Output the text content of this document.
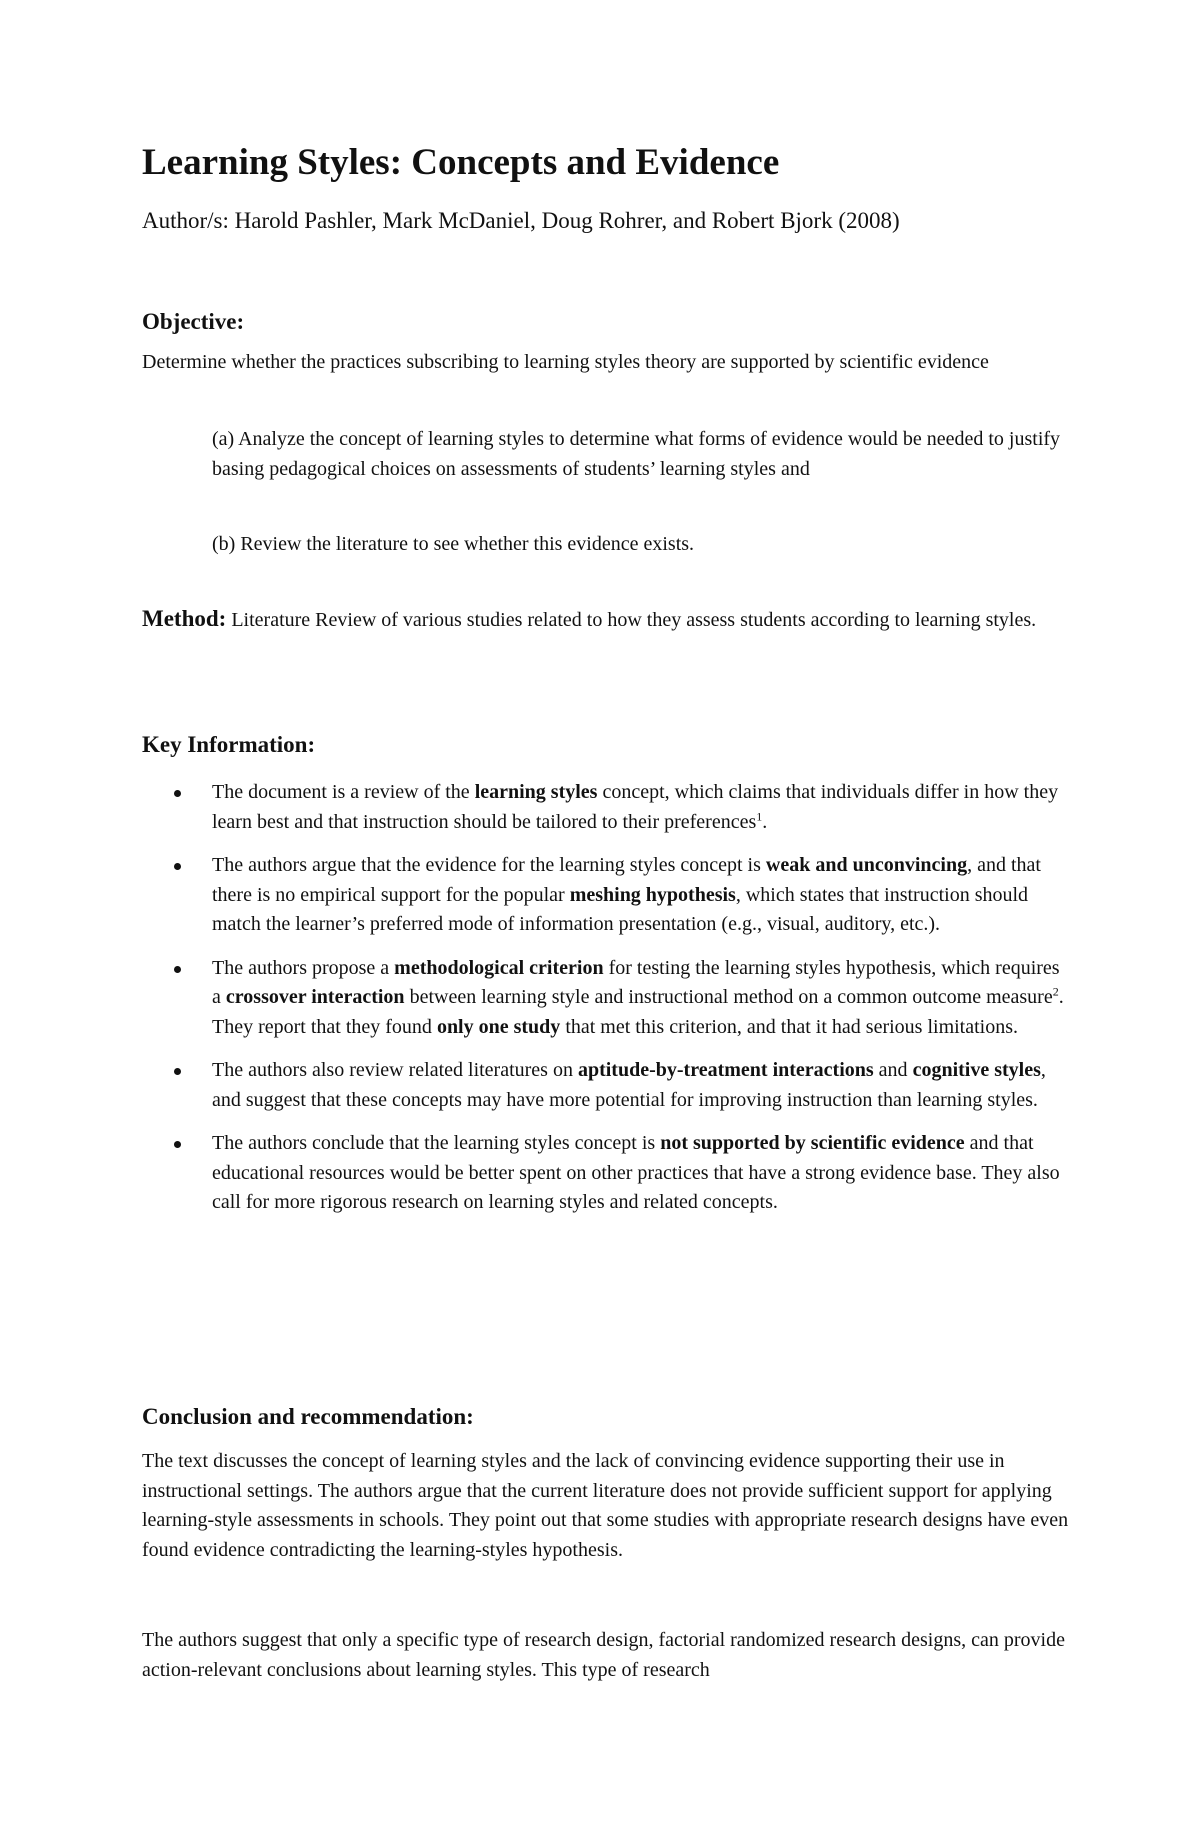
Learning Styles: Concepts and Evidence

Author/s: Harold Pashler, Mark McDaniel, Doug Rohrer, and Robert Bjork (2008)

Objective:

Determine whether the practices subscribing to learning styles theory are supported by scientific evidence

(a) Analyze the concept of learning styles to determine what forms of evidence would be needed to justify basing pedagogical choices on assessments of students’ learning styles and

(b) Review the literature to see whether this evidence exists.

Method: Literature Review of various studies related to how they assess students according to learning styles.

Key Information:
The document is a review of the learning styles concept, which claims that individuals differ in how they learn best and that instruction should be tailored to their preferences$^1$.
The authors argue that the evidence for the learning styles concept is weak and unconvincing, and that there is no empirical support for the popular meshing hypothesis, which states that instruction should match the learner’s preferred mode of information presentation (e.g., visual, auditory, etc.).
The authors propose a methodological criterion for testing the learning styles hypothesis, which requires a crossover interaction between learning style and instructional method on a common outcome measure$^2$. They report that they found only one study that met this criterion, and that it had serious limitations.
The authors also review related literatures on aptitude-by-treatment interactions and cognitive styles, and suggest that these concepts may have more potential for improving instruction than learning styles.
The authors conclude that the learning styles concept is not supported by scientific evidence and that educational resources would be better spent on other practices that have a strong evidence base. They also call for more rigorous research on learning styles and related concepts.
Conclusion and recommendation:

The text discusses the concept of learning styles and the lack of convincing evidence supporting their use in instructional settings. The authors argue that the current literature does not provide sufficient support for applying learning-style assessments in schools. They point out that some studies with appropriate research designs have even found evidence contradicting the learning-styles hypothesis.

The authors suggest that only a specific type of research design, factorial randomized research designs, can provide action-relevant conclusions about learning styles. This type of research
